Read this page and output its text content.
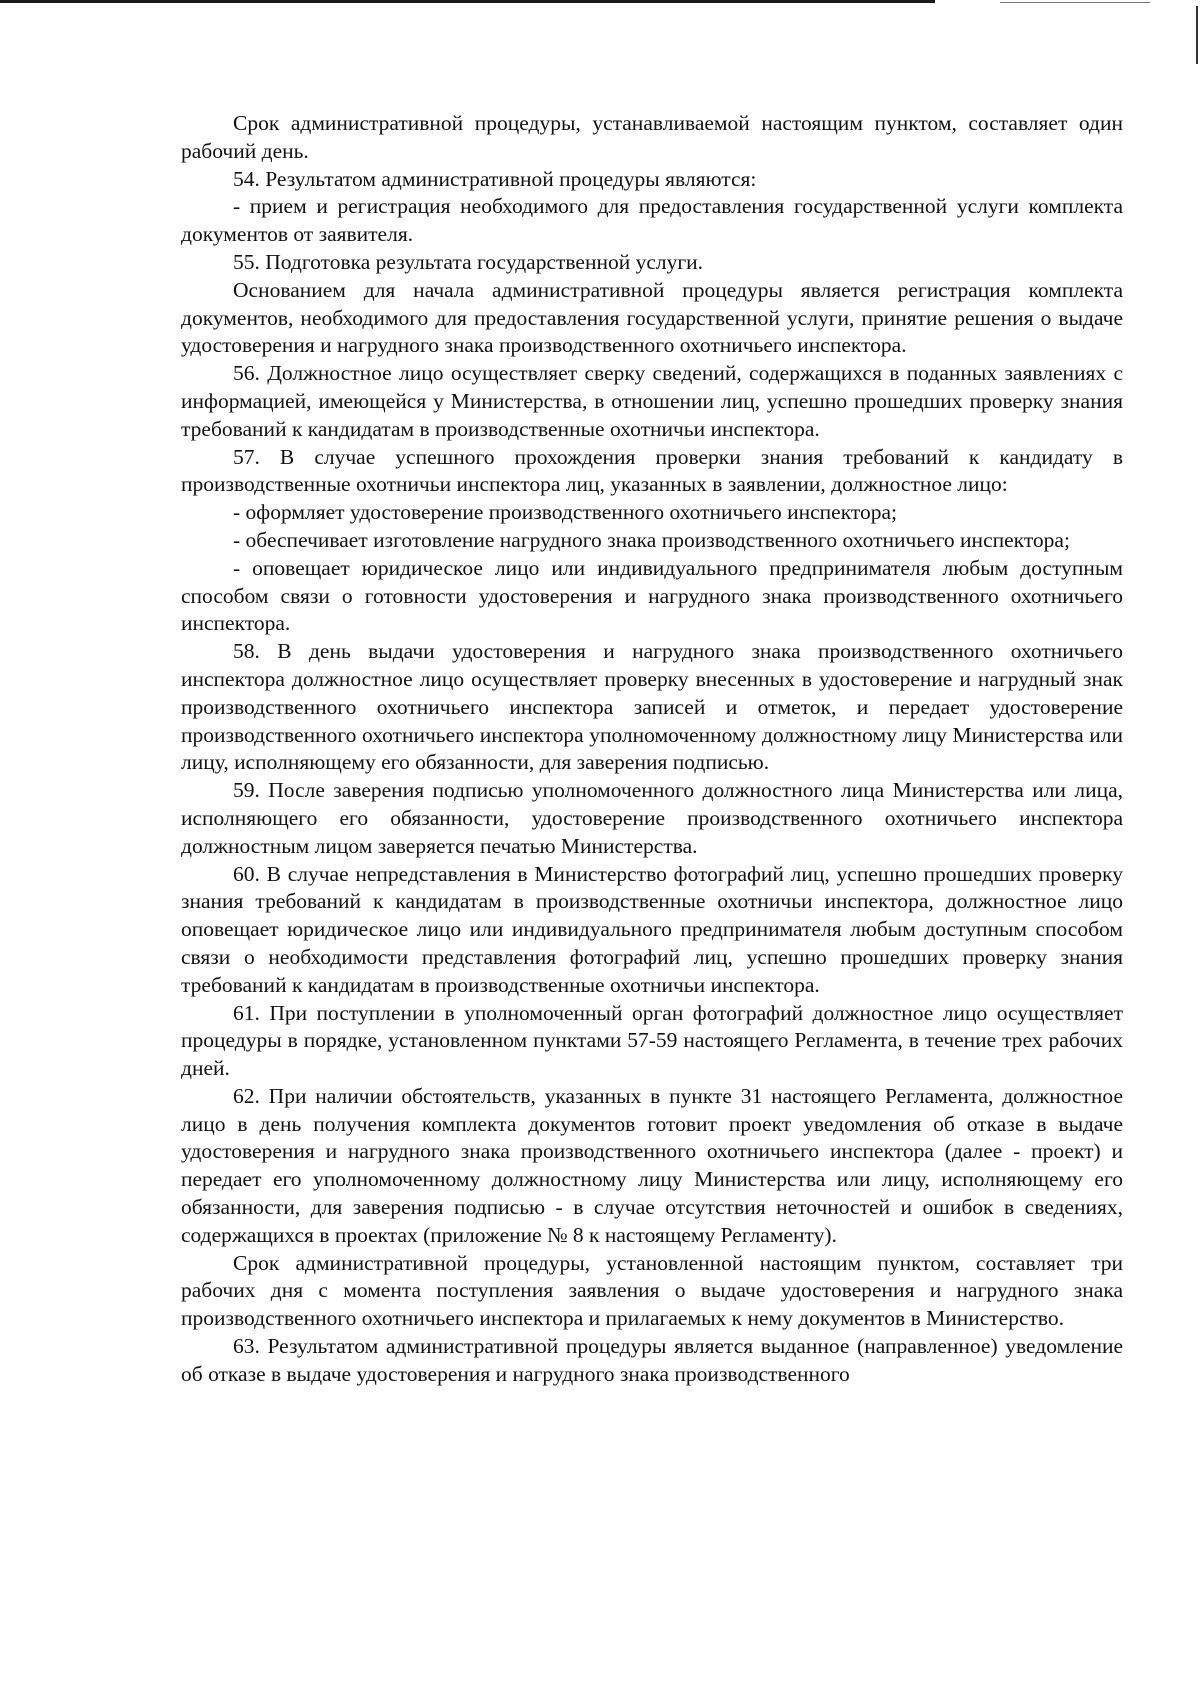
Срок административной процедуры, устанавливаемой настоящим пунктом, составляет один рабочий день.

54. Результатом административной процедуры являются:

- прием и регистрация необходимого для предоставления государственной услуги комплекта документов от заявителя.

55. Подготовка результата государственной услуги.

Основанием для начала административной процедуры является регистрация комплекта документов, необходимого для предоставления государственной услуги, принятие решения о выдаче удостоверения и нагрудного знака производственного охотничьего инспектора.

56. Должностное лицо осуществляет сверку сведений, содержащихся в поданных заявлениях с информацией, имеющейся у Министерства, в отношении лиц, успешно прошедших проверку знания требований к кандидатам в производственные охотничьи инспектора.

57. В случае успешного прохождения проверки знания требований к кандидату в производственные охотничьи инспектора лиц, указанных в заявлении, должностное лицо:

- оформляет удостоверение производственного охотничьего инспектора;

- обеспечивает изготовление нагрудного знака производственного охотничьего инспектора;

- оповещает юридическое лицо или индивидуального предпринимателя любым доступным способом связи о готовности удостоверения и нагрудного знака производственного охотничьего инспектора.

58. В день выдачи удостоверения и нагрудного знака производственного охотничьего инспектора должностное лицо осуществляет проверку внесенных в удостоверение и нагрудный знак производственного охотничьего инспектора записей и отметок, и передает удостоверение производственного охотничьего инспектора уполномоченному должностному лицу Министерства или лицу, исполняющему его обязанности, для заверения подписью.

59. После заверения подписью уполномоченного должностного лица Министерства или лица, исполняющего его обязанности, удостоверение производственного охотничьего инспектора должностным лицом заверяется печатью Министерства.

60. В случае непредставления в Министерство фотографий лиц, успешно прошедших проверку знания требований к кандидатам в производственные охотничьи инспектора, должностное лицо оповещает юридическое лицо или индивидуального предпринимателя любым доступным способом связи о необходимости представления фотографий лиц, успешно прошедших проверку знания требований к кандидатам в производственные охотничьи инспектора.

61. При поступлении в уполномоченный орган фотографий должностное лицо осуществляет процедуры в порядке, установленном пунктами 57-59 настоящего Регламента, в течение трех рабочих дней.

62. При наличии обстоятельств, указанных в пункте 31 настоящего Регламента, должностное лицо в день получения комплекта документов готовит проект уведомления об отказе в выдаче удостоверения и нагрудного знака производственного охотничьего инспектора (далее - проект) и передает его уполномоченному должностному лицу Министерства или лицу, исполняющему его обязанности, для заверения подписью - в случае отсутствия неточностей и ошибок в сведениях, содержащихся в проектах (приложение № 8 к настоящему Регламенту).

Срок административной процедуры, установленной настоящим пунктом, составляет три рабочих дня с момента поступления заявления о выдаче удостоверения и нагрудного знака производственного охотничьего инспектора и прилагаемых к нему документов в Министерство.

63. Результатом административной процедуры является выданное (направленное) уведомление об отказе в выдаче удостоверения и нагрудного знака производственного
